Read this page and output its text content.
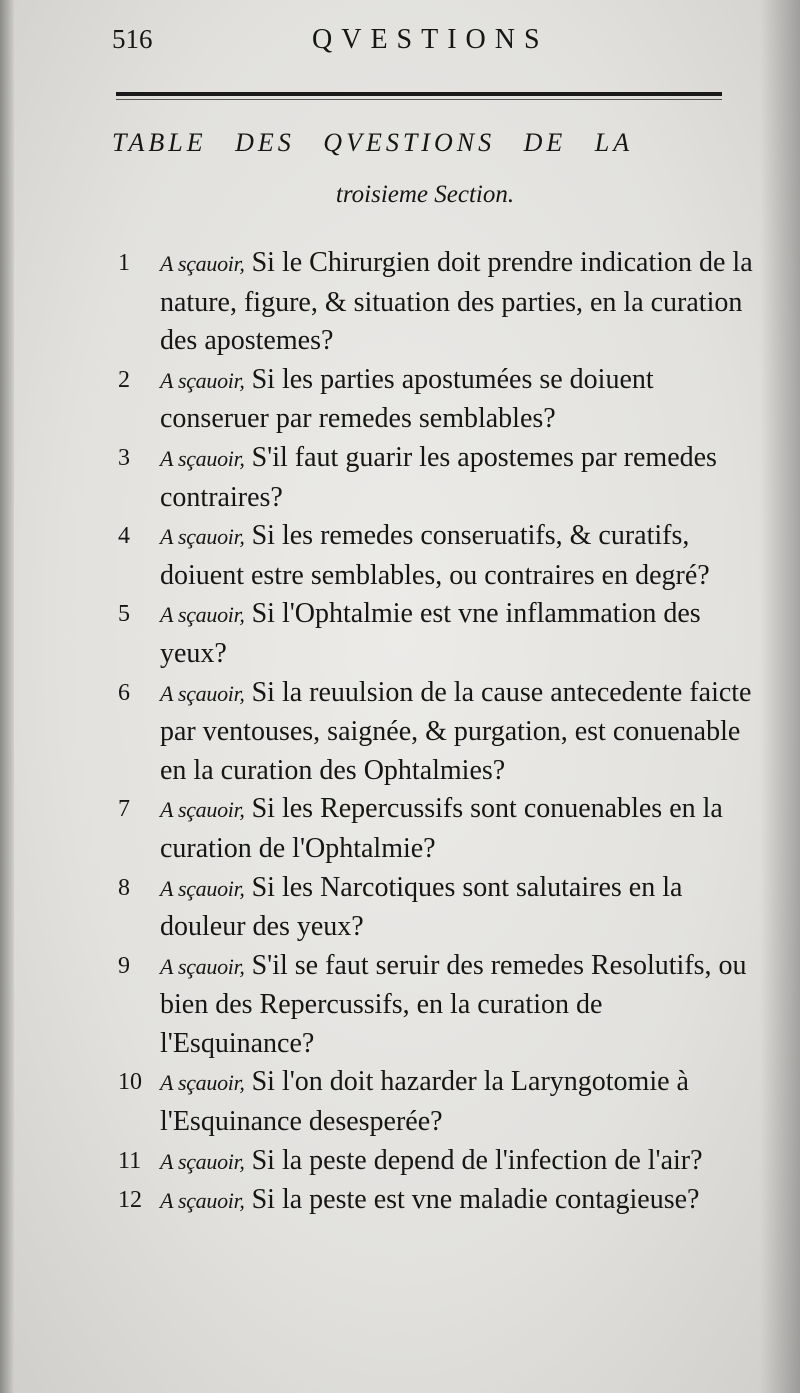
516	QVESTIONS
TABLE DES QVESTIONS DE LA
troisieme Section.
1	A sçauoir, Si le Chirurgien doit prendre indication de la nature, figure, & situation des parties, en la curation des apostemes?
2	A sçauoir, Si les parties apostumées se doiuent conseruer par remedes semblables?
3	A sçauoir, S'il faut guarir les apostemes par remedes contraires?
4	A sçauoir, Si les remedes conseruatifs, & curatifs, doiuent estre semblables, ou contraires en degré?
5	A sçauoir, Si l'Ophtalmie est vne inflammation des yeux?
6	A sçauoir, Si la reuulsion de la cause antecedente faicte par ventouses, saignée, & purgation, est conuenable en la curation des Ophtalmies?
7	A sçauoir, Si les Repercussifs sont conuenables en la curation de l'Ophtalmie?
8	A sçauoir, Si les Narcotiques sont salutaires en la douleur des yeux?
9	A sçauoir, S'il se faut seruir des remedes Resolutifs, ou bien des Repercussifs, en la curation de l'Esquinance?
10 A sçauoir, Si l'on doit hazarder la Laryngotomie à l'Esquinance desesperée?
11 A sçauoir, Si la peste depend de l'infection de l'air?
12 A sçauoir, Si la peste est vne maladie contagieuse?
